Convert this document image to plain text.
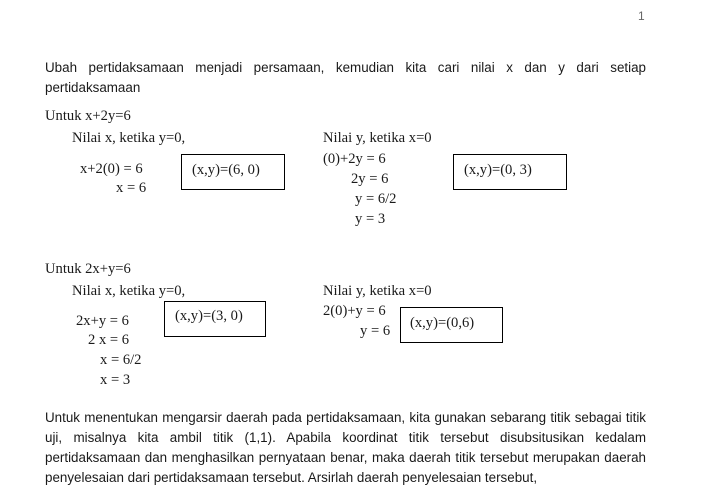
1
Ubah pertidaksamaan menjadi persamaan, kemudian kita cari nilai x dan y dari setiap pertidaksamaan
Untuk x+2y=6
Nilai x, ketika y=0,
x+2(0) = 6
x = 6
(x,y)=(6, 0)
Nilai y, ketika x=0
(0)+2y = 6
2y = 6
y = 6/2
y = 3
(x,y)=(0, 3)
Untuk 2x+y=6
Nilai x, ketika y=0,
2x+y = 6
2 x = 6
x = 6/2
x = 3
(x,y)=(3, 0)
Nilai y, ketika x=0
2(0)+y = 6
y = 6 (x,y)=(0,6)
Untuk menentukan mengarsir daerah pada pertidaksamaan, kita gunakan sebarang titik sebagai titik uji, misalnya kita ambil titik (1,1). Apabila koordinat titik tersebut disubsitusikan kedalam pertidaksamaan dan menghasilkan pernyataan benar, maka daerah titik tersebut merupakan daerah penyelesaian dari pertidaksamaan tersebut. Arsirlah daerah penyelesaian tersebut,
